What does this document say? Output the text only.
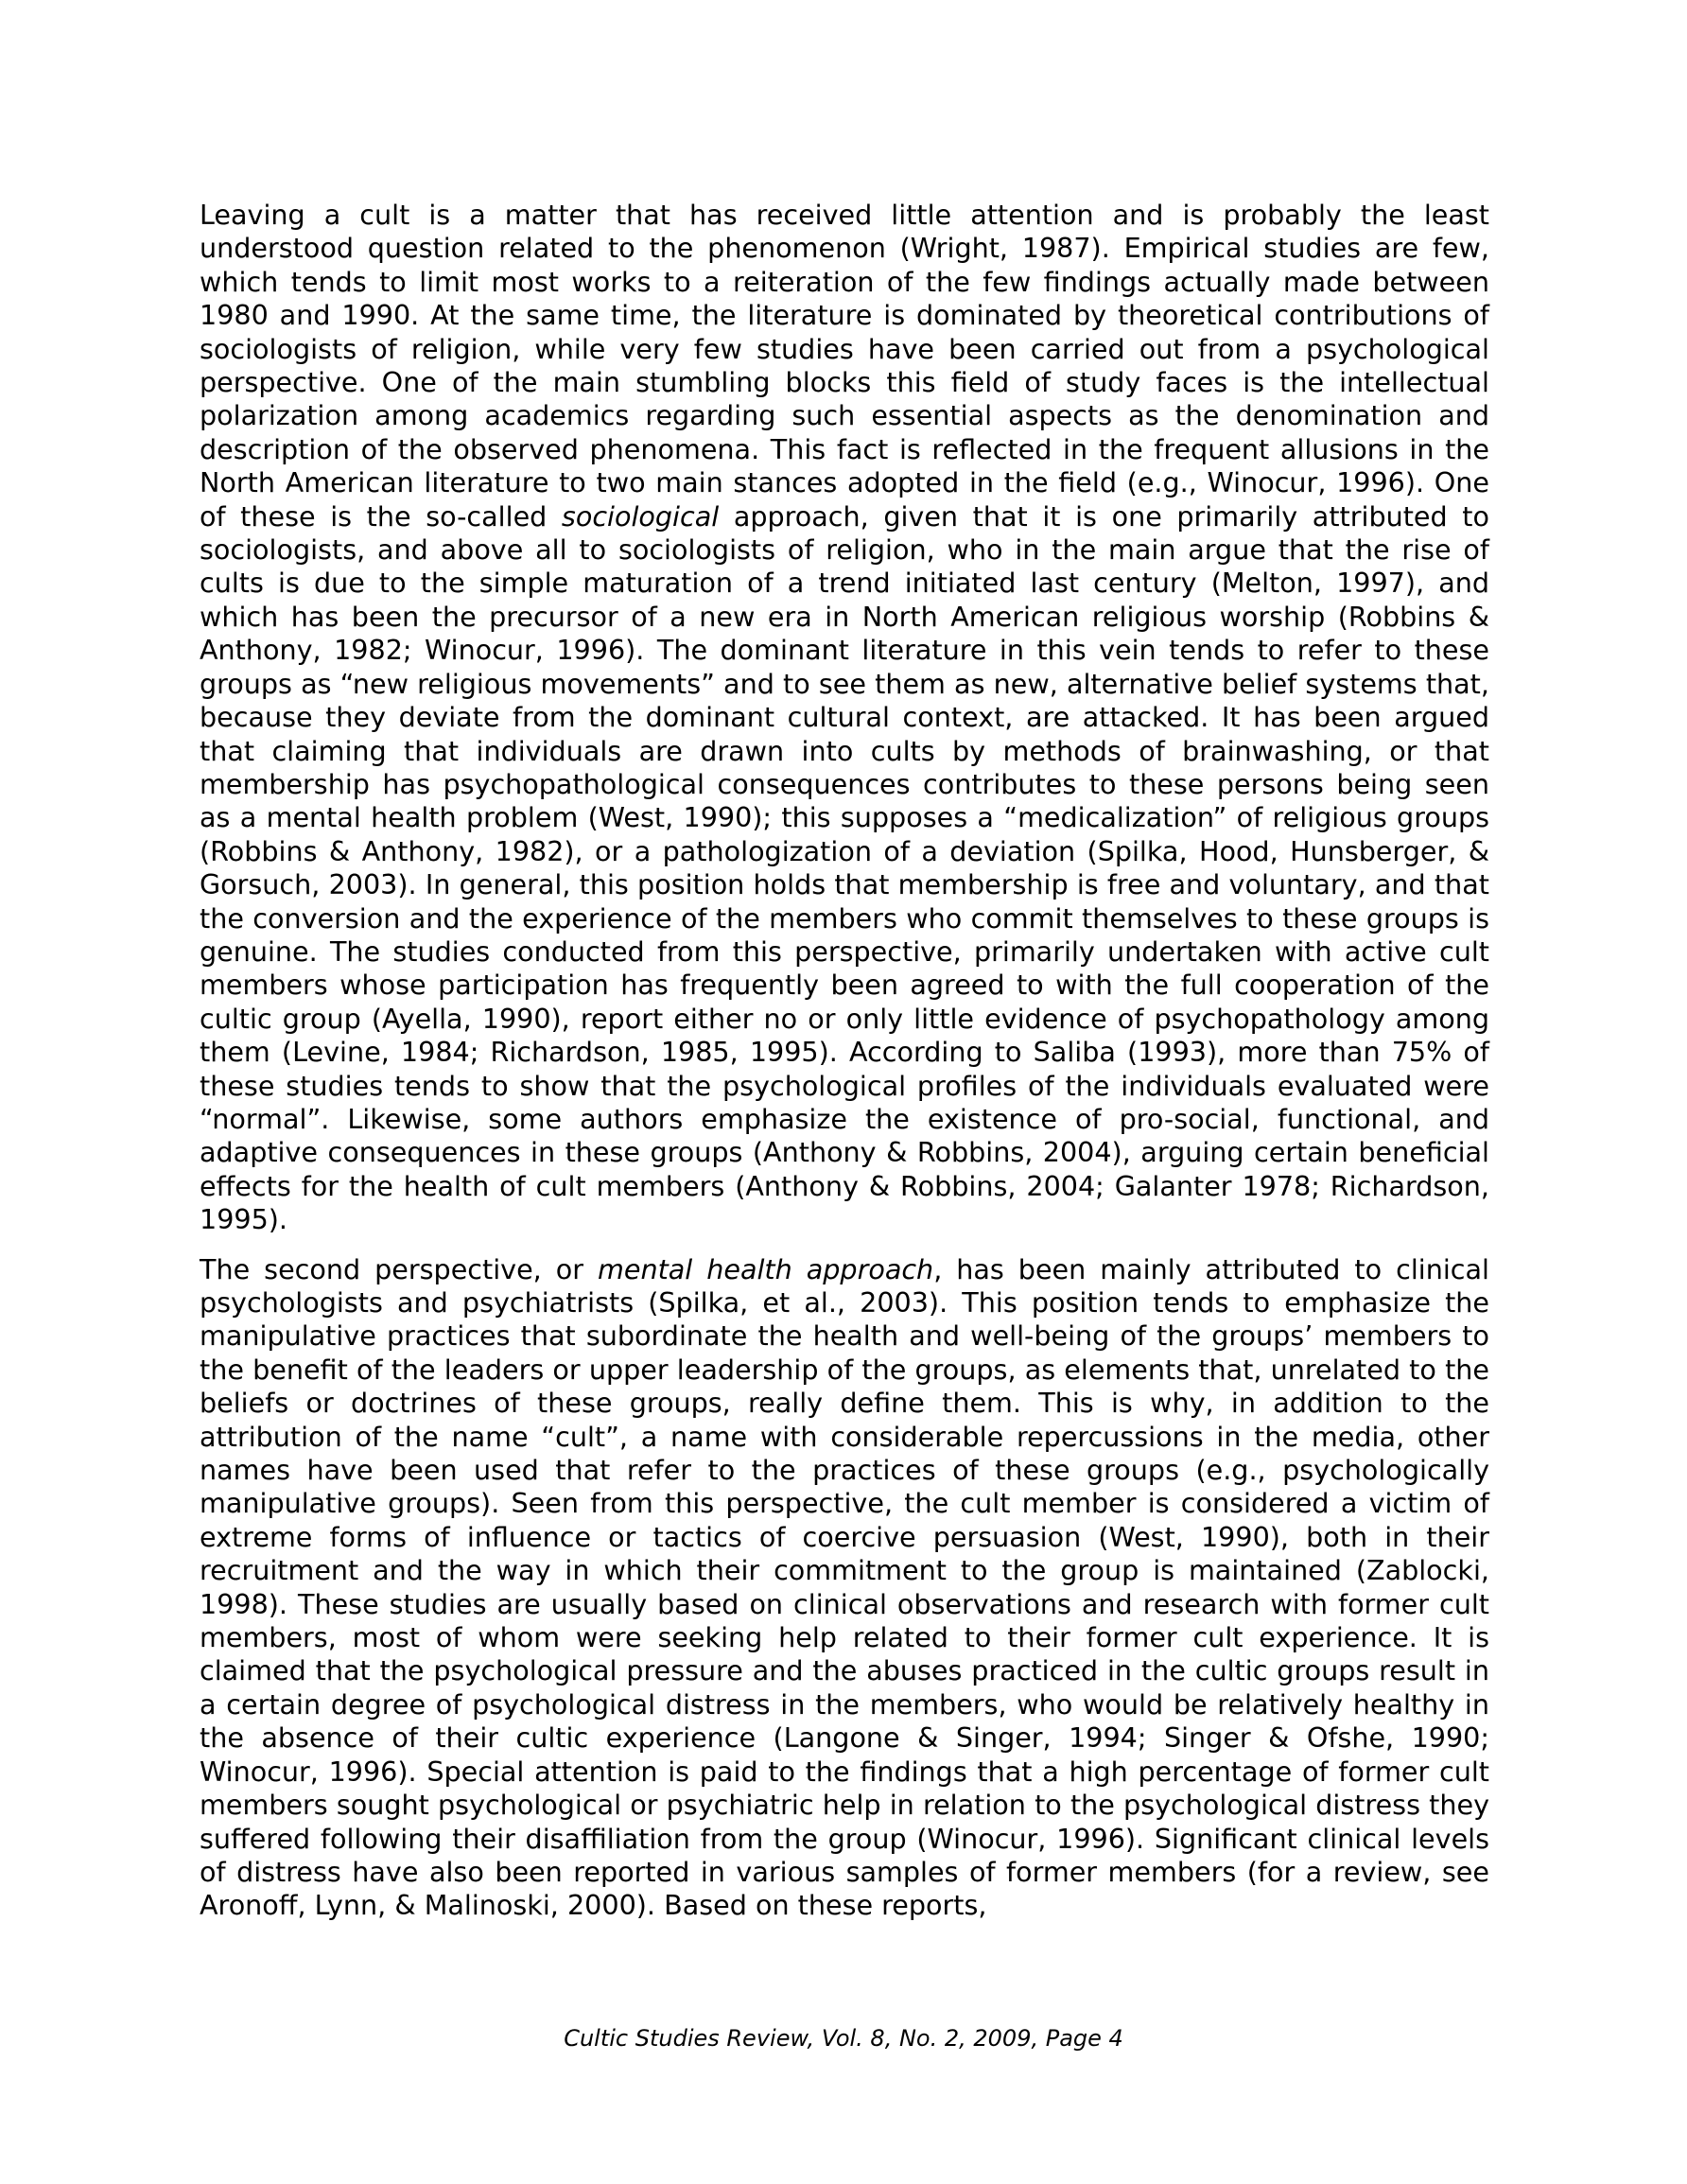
Leaving a cult is a matter that has received little attention and is probably the least understood question related to the phenomenon (Wright, 1987). Empirical studies are few, which tends to limit most works to a reiteration of the few findings actually made between 1980 and 1990. At the same time, the literature is dominated by theoretical contributions of sociologists of religion, while very few studies have been carried out from a psychological perspective. One of the main stumbling blocks this field of study faces is the intellectual polarization among academics regarding such essential aspects as the denomination and description of the observed phenomena. This fact is reflected in the frequent allusions in the North American literature to two main stances adopted in the field (e.g., Winocur, 1996). One of these is the so-called sociological approach, given that it is one primarily attributed to sociologists, and above all to sociologists of religion, who in the main argue that the rise of cults is due to the simple maturation of a trend initiated last century (Melton, 1997), and which has been the precursor of a new era in North American religious worship (Robbins & Anthony, 1982; Winocur, 1996). The dominant literature in this vein tends to refer to these groups as “new religious movements” and to see them as new, alternative belief systems that, because they deviate from the dominant cultural context, are attacked. It has been argued that claiming that individuals are drawn into cults by methods of brainwashing, or that membership has psychopathological consequences contributes to these persons being seen as a mental health problem (West, 1990); this supposes a “medicalization” of religious groups (Robbins & Anthony, 1982), or a pathologization of a deviation (Spilka, Hood, Hunsberger, & Gorsuch, 2003). In general, this position holds that membership is free and voluntary, and that the conversion and the experience of the members who commit themselves to these groups is genuine. The studies conducted from this perspective, primarily undertaken with active cult members whose participation has frequently been agreed to with the full cooperation of the cultic group (Ayella, 1990), report either no or only little evidence of psychopathology among them (Levine, 1984; Richardson, 1985, 1995). According to Saliba (1993), more than 75% of these studies tends to show that the psychological profiles of the individuals evaluated were “normal”. Likewise, some authors emphasize the existence of pro-social, functional, and adaptive consequences in these groups (Anthony & Robbins, 2004), arguing certain beneficial effects for the health of cult members (Anthony & Robbins, 2004; Galanter 1978; Richardson, 1995).

The second perspective, or mental health approach, has been mainly attributed to clinical psychologists and psychiatrists (Spilka, et al., 2003). This position tends to emphasize the manipulative practices that subordinate the health and well-being of the groups’ members to the benefit of the leaders or upper leadership of the groups, as elements that, unrelated to the beliefs or doctrines of these groups, really define them. This is why, in addition to the attribution of the name “cult”, a name with considerable repercussions in the media, other names have been used that refer to the practices of these groups (e.g., psychologically manipulative groups). Seen from this perspective, the cult member is considered a victim of extreme forms of influence or tactics of coercive persuasion (West, 1990), both in their recruitment and the way in which their commitment to the group is maintained (Zablocki, 1998). These studies are usually based on clinical observations and research with former cult members, most of whom were seeking help related to their former cult experience. It is claimed that the psychological pressure and the abuses practiced in the cultic groups result in a certain degree of psychological distress in the members, who would be relatively healthy in the absence of their cultic experience (Langone & Singer, 1994; Singer & Ofshe, 1990; Winocur, 1996). Special attention is paid to the findings that a high percentage of former cult members sought psychological or psychiatric help in relation to the psychological distress they suffered following their disaffiliation from the group (Winocur, 1996). Significant clinical levels of distress have also been reported in various samples of former members (for a review, see Aronoff, Lynn, & Malinoski, 2000). Based on these reports,

Cultic Studies Review, Vol. 8, No. 2, 2009, Page 4
